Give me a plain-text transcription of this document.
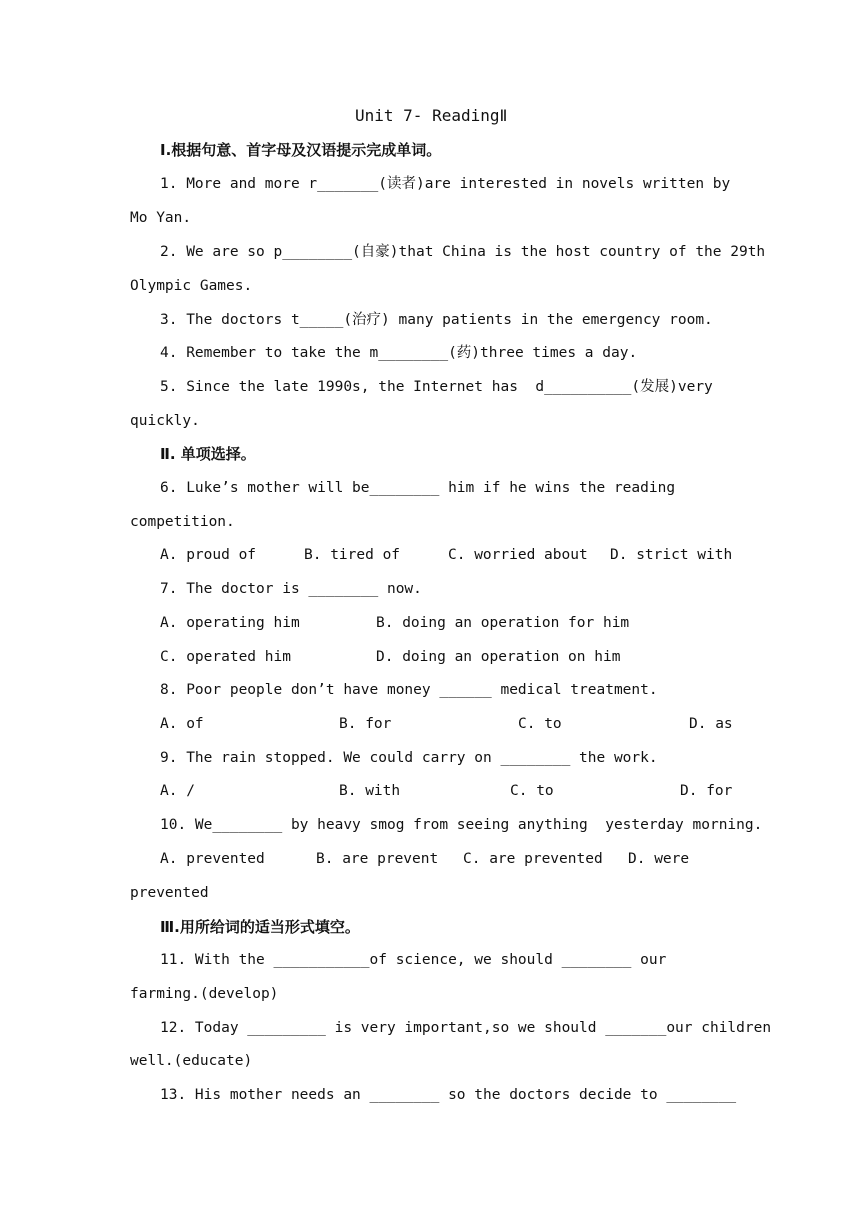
Unit 7- ReadingⅡ
Ⅰ.根据句意、首字母及汉语提示完成单词。
1. More and more r_______(读者)are interested in novels written by
Mo Yan.
2. We are so p________(自豪)that China is the host country of the 29th
Olympic Games.
3. The doctors t_____(治疗) many patients in the emergency room.
4. Remember to take the m________(药)three times a day.
5. Since the late 1990s, the Internet has  d__________(发展)very
quickly.
Ⅱ. 单项选择。
6. Luke’s mother will be________ him if he wins the reading
competition.
A. proud of	B. tired of	C. worried about D. strict with
7. The doctor is ________ now.
A. operating him	B. doing an operation for him
C. operated him	D. doing an operation on him
8. Poor people don’t have money ______ medical treatment.
A. of	B. for	C. to	D. as
9. The rain stopped. We could carry on ________ the work.
A. /	B. with	C. to	D. for
10. We________ by heavy smog from seeing anything  yesterday morning.
A. prevented	B. are prevent C. are prevented D. were
prevented
Ⅲ.用所给词的适当形式填空。
11. With the ___________of science, we should ________ our
farming.(develop)
12. Today _________ is very important,so we should _______our children
well.(educate)
13. His mother needs an ________ so the doctors decide to ________
